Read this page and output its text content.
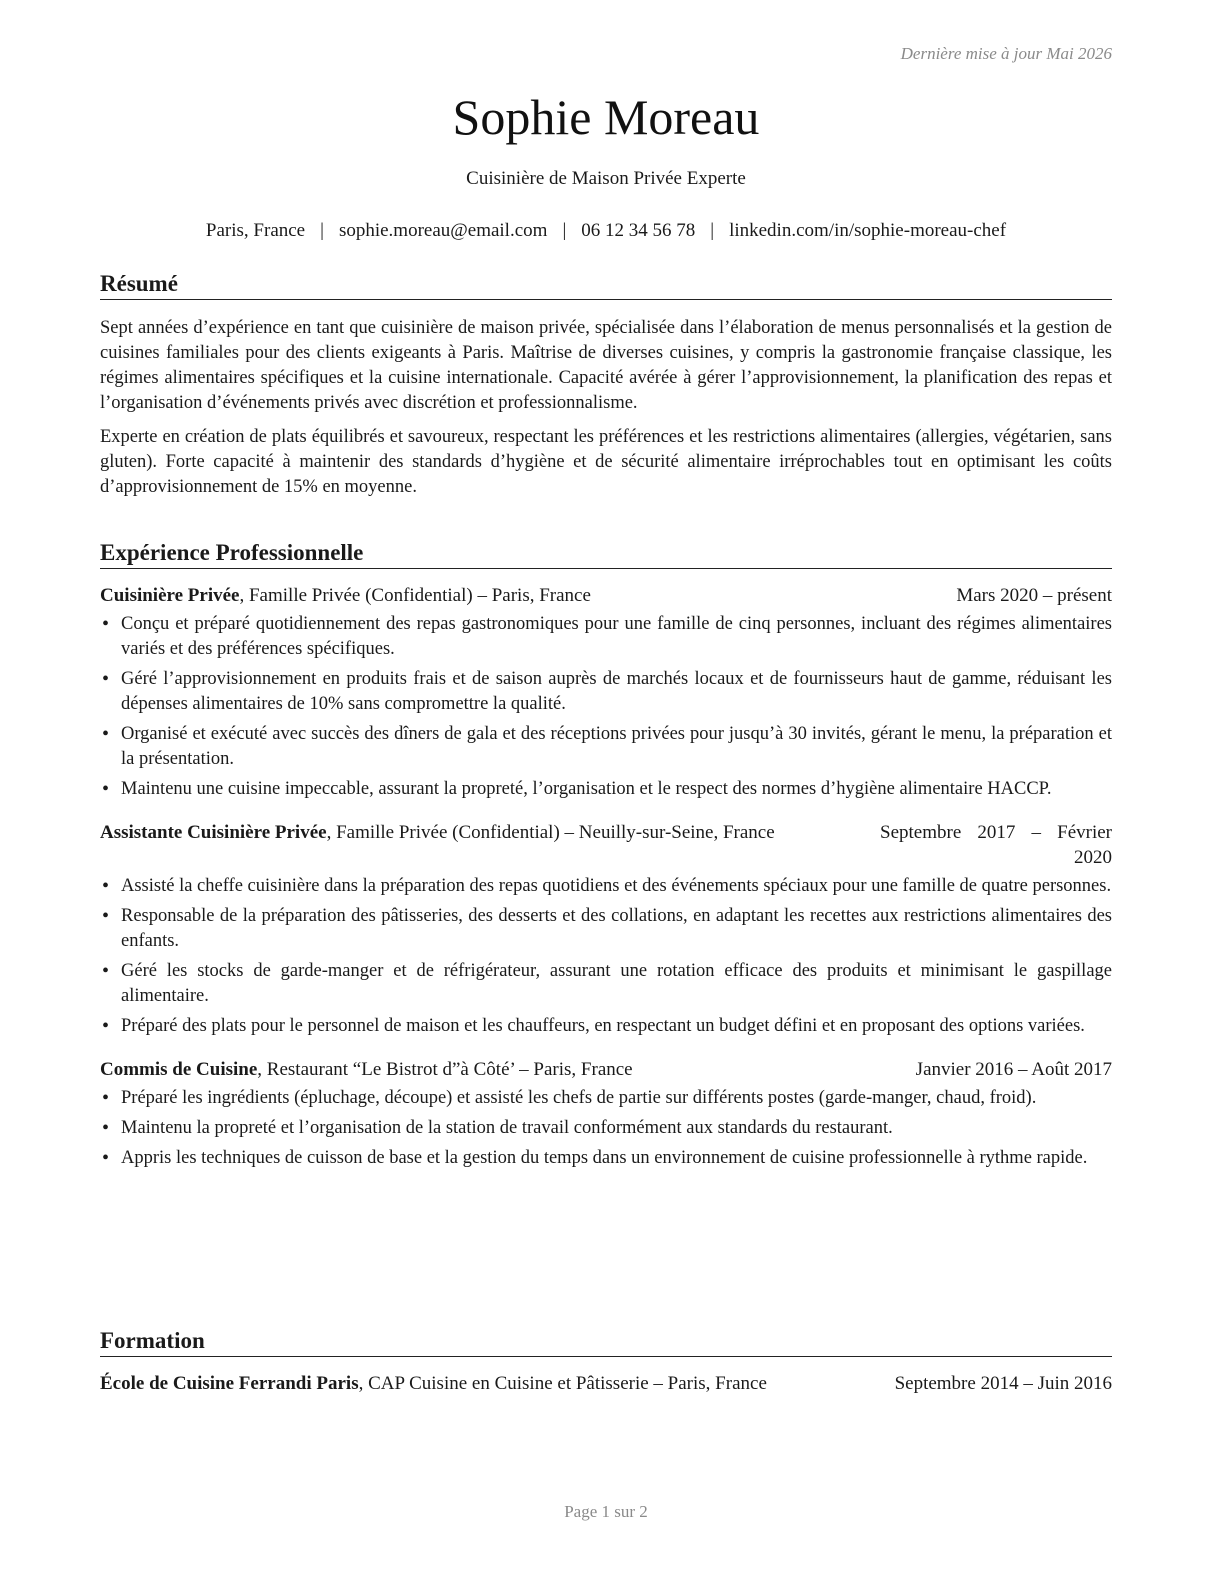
Dernière mise à jour Mai 2026
Sophie Moreau
Cuisinière de Maison Privée Experte
Paris, France | sophie.moreau@email.com | 06 12 34 56 78 | linkedin.com/in/sophie-moreau-chef
Résumé

Sept années d’expérience en tant que cuisinière de maison privée, spécialisée dans l’élaboration de menus personnalisés et la gestion de cuisines familiales pour des clients exigeants à Paris. Maîtrise de diverses cuisines, y compris la gastronomie française classique, les régimes alimentaires spécifiques et la cuisine internationale. Capacité avérée à gérer l’approvisionnement, la planification des repas et l’organisation d’événements privés avec discrétion et professionnalisme.

Experte en création de plats équilibrés et savoureux, respectant les préférences et les restrictions alimentaires (allergies, végétarien, sans gluten). Forte capacité à maintenir des standards d’hygiène et de sécurité alimentaire irréprochables tout en optimisant les coûts d’approvisionnement de 15% en moyenne.

Expérience Professionnelle
Cuisinière Privée, Famille Privée (Confidential) – Paris, France	Mars 2020 – présent
• Conçu et préparé quotidiennement des repas gastronomiques pour une famille de cinq personnes, incluant des régimes alimentaires variés et des préférences spécifiques.
• Géré l’approvisionnement en produits frais et de saison auprès de marchés locaux et de fournisseurs haut de gamme, réduisant les dépenses alimentaires de 10% sans compromettre la qualité.
• Organisé et exécuté avec succès des dîners de gala et des réceptions privées pour jusqu’à 30 invités, gérant le menu, la préparation et la présentation.
• Maintenu une cuisine impeccable, assurant la propreté, l’organisation et le respect des normes d’hygiène alimentaire HACCP.
Assistante Cuisinière Privée, Famille Privée (Confidential) – Neuilly-sur-Seine, France	Septembre 2017 – Février 2020
• Assisté la cheffe cuisinière dans la préparation des repas quotidiens et des événements spéciaux pour une famille de quatre personnes.
• Responsable de la préparation des pâtisseries, des desserts et des collations, en adaptant les recettes aux restrictions alimentaires des enfants.
• Géré les stocks de garde-manger et de réfrigérateur, assurant une rotation efficace des produits et minimisant le gaspillage alimentaire.
• Préparé des plats pour le personnel de maison et les chauffeurs, en respectant un budget défini et en proposant des options variées.
Commis de Cuisine, Restaurant “Le Bistrot d”à Côté’ – Paris, France	Janvier 2016 – Août 2017
• Préparé les ingrédients (épluchage, découpe) et assisté les chefs de partie sur différents postes (garde-manger, chaud, froid).
• Maintenu la propreté et l’organisation de la station de travail conformément aux standards du restaurant.
• Appris les techniques de cuisson de base et la gestion du temps dans un environnement de cuisine professionnelle à rythme rapide.
Formation
École de Cuisine Ferrandi Paris, CAP Cuisine en Cuisine et Pâtisserie – Paris, France	Septembre 2014 – Juin 2016
Page 1 sur 2
